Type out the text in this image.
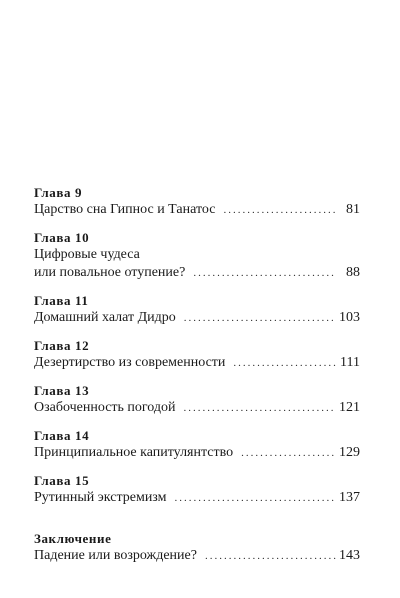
Глава 9
Царство сна Гипнос и Танатос .....	81
Глава 10
Цифровые чудеса
или повальное отупение? .....	88
Глава 11
Домашний халат Дидро .....	103
Глава 12
Дезертирство из современности .....	111
Глава 13
Озабоченность погодой .....	121
Глава 14
Принципиальное капитулянтство .....	129
Глава 15
Рутинный экстремизм .....	137
Заключение
Падение или возрождение? .....	143
